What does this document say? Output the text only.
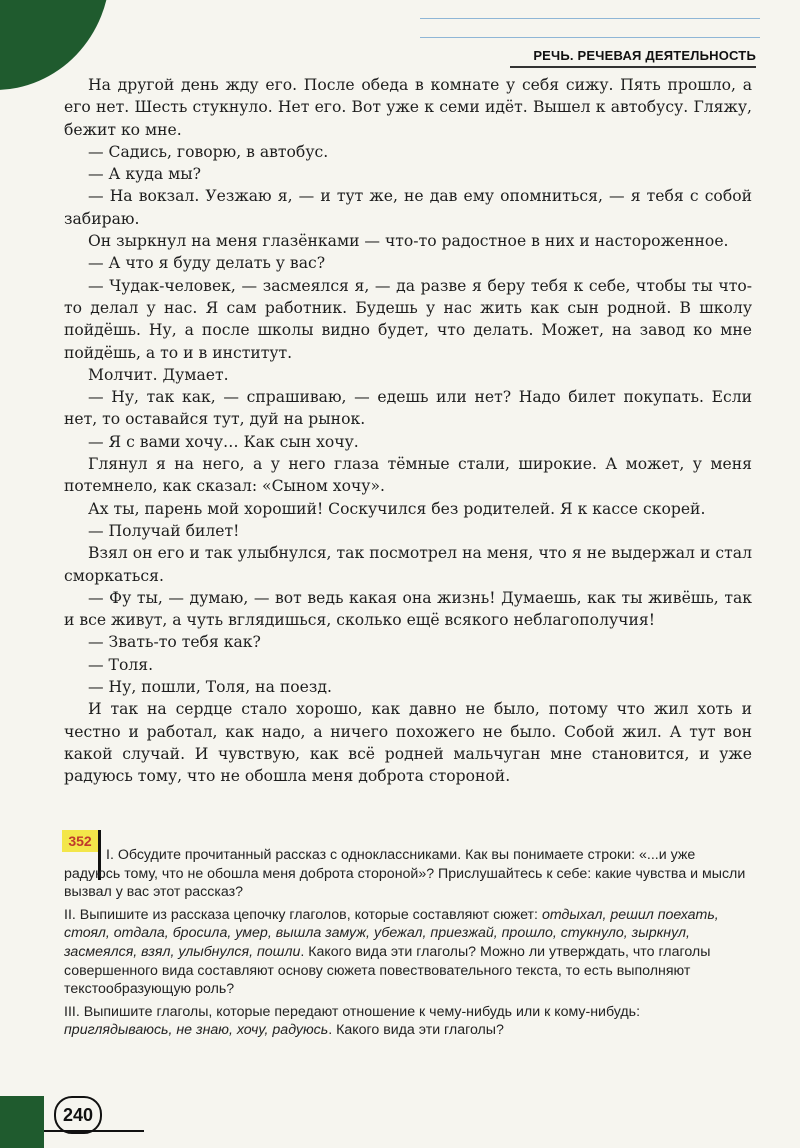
РЕЧЬ. РЕЧЕВАЯ ДЕЯТЕЛЬНОСТЬ

На другой день жду его. После обеда в комнате у себя сижу. Пять прошло, а его нет. Шесть стукнуло. Нет его. Вот уже к семи идёт. Вышел к автобусу. Гляжу, бежит ко мне.

— Садись, говорю, в автобус.

— А куда мы?

— На вокзал. Уезжаю я, — и тут же, не дав ему опомниться, — я тебя с собой забираю.

Он зыркнул на меня глазёнками — что-то радостное в них и настороженное.

— А что я буду делать у вас?

— Чудак-человек, — засмеялся я, — да разве я беру тебя к себе, чтобы ты что-то делал у нас. Я сам работник. Будешь у нас жить как сын родной. В школу пойдёшь. Ну, а после школы видно будет, что делать. Может, на завод ко мне пойдёшь, а то и в институт.

Молчит. Думает.

— Ну, так как, — спрашиваю, — едешь или нет? Надо билет покупать. Если нет, то оставайся тут, дуй на рынок.

— Я с вами хочу… Как сын хочу.

Глянул я на него, а у него глаза тёмные стали, широкие. А может, у меня потемнело, как сказал: «Сыном хочу».

Ах ты, парень мой хороший! Соскучился без родителей. Я к кассе скорей.

— Получай билет!

Взял он его и так улыбнулся, так посмотрел на меня, что я не выдержал и стал сморкаться.

— Фу ты, — думаю, — вот ведь какая она жизнь! Думаешь, как ты живёшь, так и все живут, а чуть вглядишься, сколько ещё всякого неблагополучия!

— Звать-то тебя как?

— Толя.

— Ну, пошли, Толя, на поезд.

И так на сердце стало хорошо, как давно не было, потому что жил хоть и честно и работал, как надо, а ничего похожего не было. Собой жил. А тут вон какой случай. И чувствую, как всё родней мальчуган мне становится, и уже радуюсь тому, что не обошла меня доброта стороной.

352

I. Обсудите прочитанный рассказ с одноклассниками. Как вы понимаете строки: «...и уже радуюсь тому, что не обошла меня доброта стороной»? Прислушайтесь к себе: какие чувства и мысли вызвал у вас этот рассказ?

II. Выпишите из рассказа цепочку глаголов, которые составляют сюжет: отдыхал, решил поехать, стоял, отдала, бросила, умер, вышла замуж, убежал, приезжай, прошло, стукнуло, зыркнул, засмеялся, взял, улыбнулся, пошли. Какого вида эти глаголы? Можно ли утверждать, что глаголы совершенного вида составляют основу сюжета повествовательного текста, то есть выполняют текстообразующую роль?

III. Выпишите глаголы, которые передают отношение к чему-нибудь или к кому-нибудь: приглядываюсь, не знаю, хочу, радуюсь. Какого вида эти глаголы?

240
